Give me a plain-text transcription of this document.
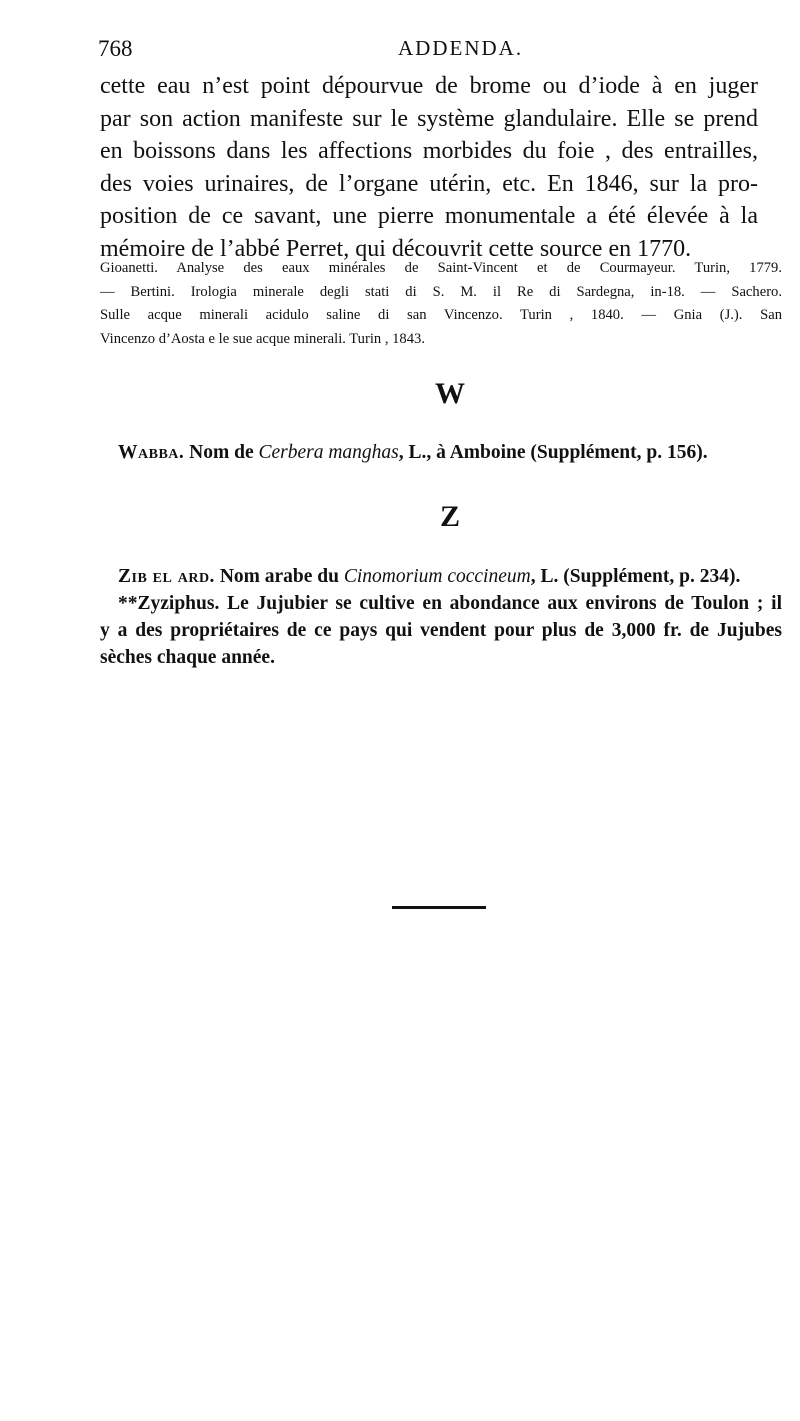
768	ADDENDA.
cette eau n’est point dépourvue de brome ou d’iode à en juger
par son action manifeste sur le système glandulaire. Elle se prend
en boissons dans les affections morbides du foie , des entrailles,
des voies urinaires, de l’organe utérin, etc. En 1846, sur la pro-
position de ce savant, une pierre monumentale a été élevée à la
mémoire de l’abbé Perret, qui découvrit cette source en 1770.
Gioanetti. Analyse des eaux minérales de Saint-Vincent et de Courmayeur. Turin, 1779.
— Bertini. Irologia minerale degli stati di S. M. il Re di Sardegna, in-18. — Sachero.
Sulle acque minerali acidulo saline di san Vincenzo. Turin , 1840. — Gnia (J.). San
Vincenzo d’Aosta e le sue acque minerali. Turin , 1843.
W
Wabba. Nom de Cerbera manghas, L., à Amboine (Supplément, p. 156).
Z
Zib el ard. Nom arabe du Cinomorium coccineum, L. (Supplément, p. 234).
**Zyziphus. Le Jujubier se cultive en abondance aux environs de Toulon ; il
y a des propriétaires de ce pays qui vendent pour plus de 3,000 fr. de Jujubes
sèches chaque année.
